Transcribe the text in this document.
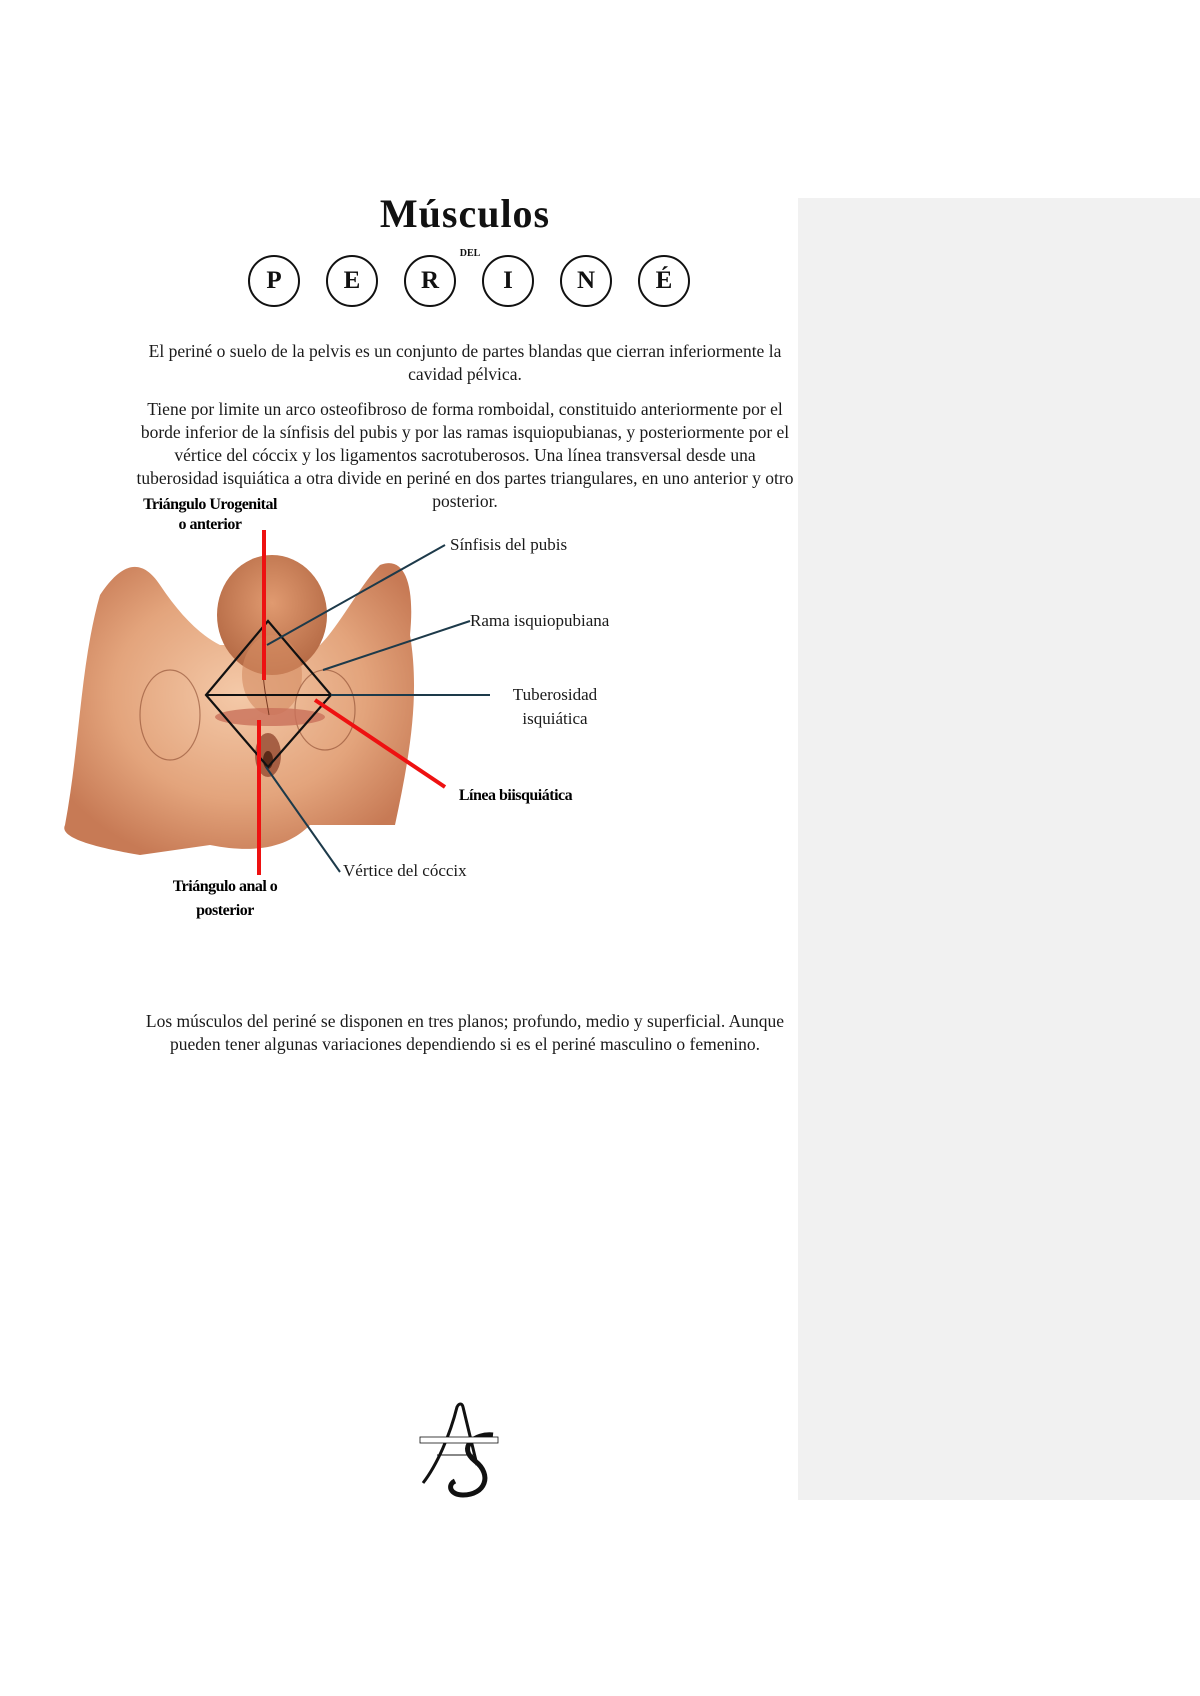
Músculos
DEL
P	E	R	I	N	É

El periné o suelo de la pelvis es un conjunto de partes blandas que cierran inferiormente la cavidad pélvica.

Tiene por limite un arco osteofibroso de forma romboidal, constituido anteriormente por el borde inferior de la sínfisis del pubis y por las ramas isquiopubianas, y posteriormente por el vértice del cóccix y los ligamentos sacrotuberosos. Una línea transversal desde una tuberosidad isquiática a otra divide en periné en dos partes triangulares, en uno anterior y otro posterior.

Triángulo Urogenital
o anterior
Sínfisis del pubis
Rama isquiopubiana
Tuberosidad
isquiática
Línea biisquiática
Vértice del cóccix
Triángulo anal o
posterior

Los músculos del periné se disponen en tres planos; profundo, medio y superficial. Aunque pueden tener algunas variaciones dependiendo si es el periné masculino o femenino.
